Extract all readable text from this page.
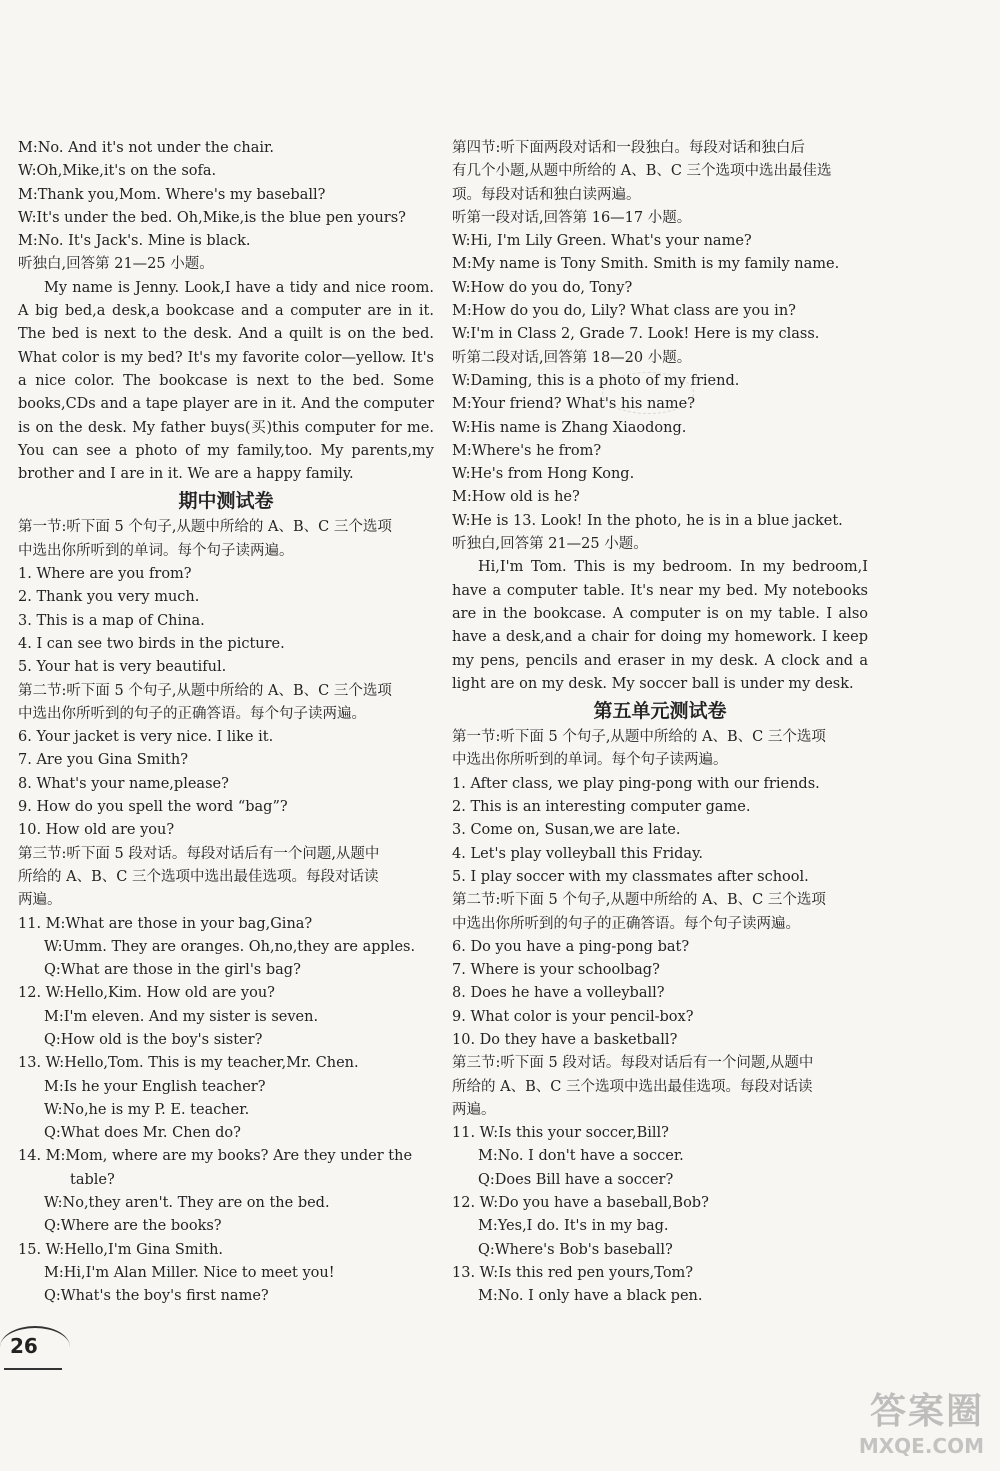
M:No. And it's not under the chair.
W:Oh,Mike,it's on the sofa.
M:Thank you,Mom. Where's my baseball?
W:It's under the bed. Oh,Mike,is the blue pen yours?
M:No. It's Jack's. Mine is black.
听独白,回答第 21—25 小题。
My name is Jenny. Look,I have a tidy and nice room. A big bed,a desk,a bookcase and a computer are in it. The bed is next to the desk. And a quilt is on the bed. What color is my bed? It's my favorite color—yellow. It's a nice color. The bookcase is next to the bed. Some books,CDs and a tape player are in it. And the computer is on the desk. My father buys(买)this computer for me. You can see a photo of my family,too. My parents,my brother and I are in it. We are a happy family.
期中测试卷
第一节:听下面 5 个句子,从题中所给的 A、B、C 三个选项
中选出你所听到的单词。每个句子读两遍。
1. Where are you from?
2. Thank you very much.
3. This is a map of China.
4. I can see two birds in the picture.
5. Your hat is very beautiful.
第二节:听下面 5 个句子,从题中所给的 A、B、C 三个选项
中选出你所听到的句子的正确答语。每个句子读两遍。
6. Your jacket is very nice. I like it.
7. Are you Gina Smith?
8. What's your name,please?
9. How do you spell the word “bag”?
10. How old are you?
第三节:听下面 5 段对话。每段对话后有一个问题,从题中
所给的 A、B、C 三个选项中选出最佳选项。每段对话读
两遍。
11. M:What are those in your bag,Gina?
W:Umm. They are oranges. Oh,no,they are apples.
Q:What are those in the girl's bag?
12. W:Hello,Kim. How old are you?
M:I'm eleven. And my sister is seven.
Q:How old is the boy's sister?
13. W:Hello,Tom. This is my teacher,Mr. Chen.
M:Is he your English teacher?
W:No,he is my P. E. teacher.
Q:What does Mr. Chen do?
14. M:Mom, where are my books? Are they under the
table?
W:No,they aren't. They are on the bed.
Q:Where are the books?
15. W:Hello,I'm Gina Smith.
M:Hi,I'm Alan Miller. Nice to meet you!
Q:What's the boy's first name?
第四节:听下面两段对话和一段独白。每段对话和独白后
有几个小题,从题中所给的 A、B、C 三个选项中选出最佳选
项。每段对话和独白读两遍。
听第一段对话,回答第 16—17 小题。
W:Hi, I'm Lily Green. What's your name?
M:My name is Tony Smith. Smith is my family name.
W:How do you do, Tony?
M:How do you do, Lily? What class are you in?
W:I'm in Class 2, Grade 7. Look! Here is my class.
听第二段对话,回答第 18—20 小题。
W:Daming, this is a photo of my friend.
M:Your friend? What's his name?
W:His name is Zhang Xiaodong.
M:Where's he from?
W:He's from Hong Kong.
M:How old is he?
W:He is 13. Look! In the photo, he is in a blue jacket.
听独白,回答第 21—25 小题。
Hi,I'm Tom. This is my bedroom. In my bedroom,I have a computer table. It's near my bed. My notebooks are in the bookcase. A computer is on my table. I also have a desk,and a chair for doing my homework. I keep my pens, pencils and eraser in my desk. A clock and a light are on my desk. My soccer ball is under my desk.
第五单元测试卷
第一节:听下面 5 个句子,从题中所给的 A、B、C 三个选项
中选出你所听到的单词。每个句子读两遍。
1. After class, we play ping-pong with our friends.
2. This is an interesting computer game.
3. Come on, Susan,we are late.
4. Let's play volleyball this Friday.
5. I play soccer with my classmates after school.
第二节:听下面 5 个句子,从题中所给的 A、B、C 三个选项
中选出你所听到的句子的正确答语。每个句子读两遍。
6. Do you have a ping-pong bat?
7. Where is your schoolbag?
8. Does he have a volleyball?
9. What color is your pencil-box?
10. Do they have a basketball?
第三节:听下面 5 段对话。每段对话后有一个问题,从题中
所给的 A、B、C 三个选项中选出最佳选项。每段对话读
两遍。
11. W:Is this your soccer,Bill?
M:No. I don't have a soccer.
Q:Does Bill have a soccer?
12. W:Do you have a baseball,Bob?
M:Yes,I do. It's in my bag.
Q:Where's Bob's baseball?
13. W:Is this red pen yours,Tom?
M:No. I only have a black pen.
26
答案圈
MXQE.COM
